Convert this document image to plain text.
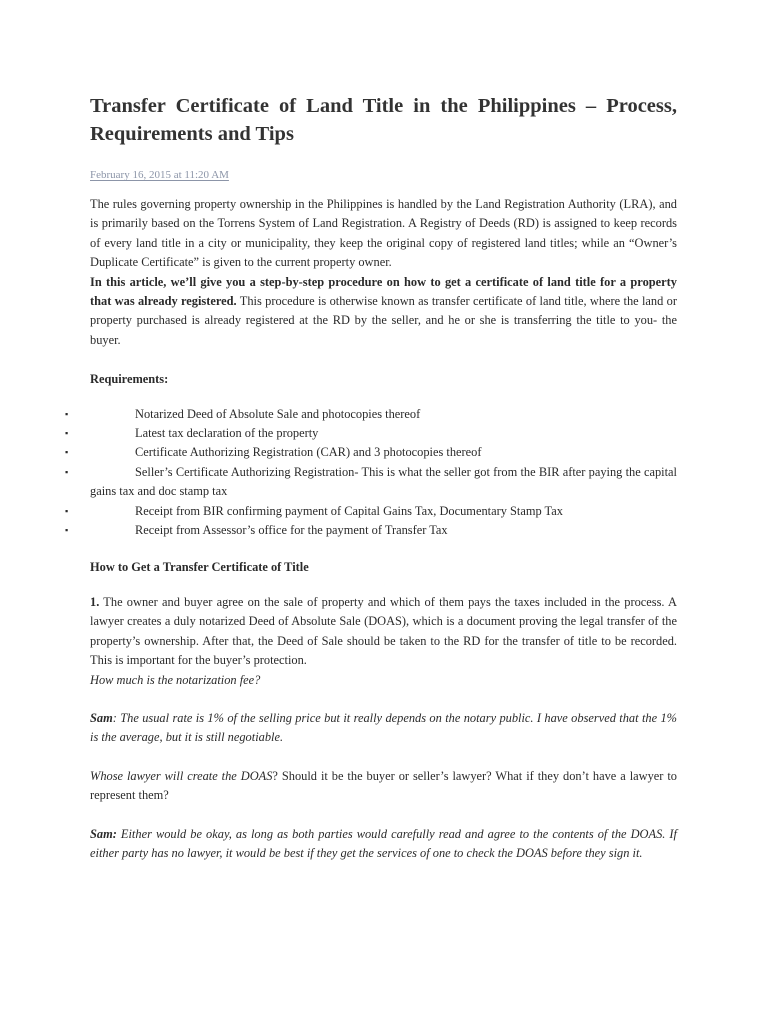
Transfer Certificate of Land Title in the Philippines – Process, Requirements and Tips
February 16, 2015 at 11:20 AM

The rules governing property ownership in the Philippines is handled by the Land Registration Authority (LRA), and is primarily based on the Torrens System of Land Registration. A Registry of Deeds (RD) is assigned to keep records of every land title in a city or municipality, they keep the original copy of registered land titles; while an “Owner’s Duplicate Certificate” is given to the current property owner.

In this article, we’ll give you a step-by-step procedure on how to get a certificate of land title for a property that was already registered. This procedure is otherwise known as transfer certificate of land title, where the land or property purchased is already registered at the RD by the seller, and he or she is transferring the title to you- the buyer.

Requirements:
▪	Notarized Deed of Absolute Sale and photocopies thereof
▪	Latest tax declaration of the property
▪	Certificate Authorizing Registration (CAR) and 3 photocopies thereof
▪	Seller’s Certificate Authorizing Registration- This is what the seller got from the BIR after paying the capital gains tax and doc stamp tax
▪	Receipt from BIR confirming payment of Capital Gains Tax, Documentary Stamp Tax
▪	Receipt from Assessor’s office for the payment of Transfer Tax
How to Get a Transfer Certificate of Title

1. The owner and buyer agree on the sale of property and which of them pays the taxes included in the process. A lawyer creates a duly notarized Deed of Absolute Sale (DOAS), which is a document proving the legal transfer of the property’s ownership. After that, the Deed of Sale should be taken to the RD for the transfer of title to be recorded. This is important for the buyer’s protection.

How much is the notarization fee?

Sam: The usual rate is 1% of the selling price but it really depends on the notary public. I have observed that the 1% is the average, but it is still negotiable.

Whose lawyer will create the DOAS? Should it be the buyer or seller’s lawyer? What if they don’t have a lawyer to represent them?

Sam: Either would be okay, as long as both parties would carefully read and agree to the contents of the DOAS. If either party has no lawyer, it would be best if they get the services of one to check the DOAS before they sign it.
